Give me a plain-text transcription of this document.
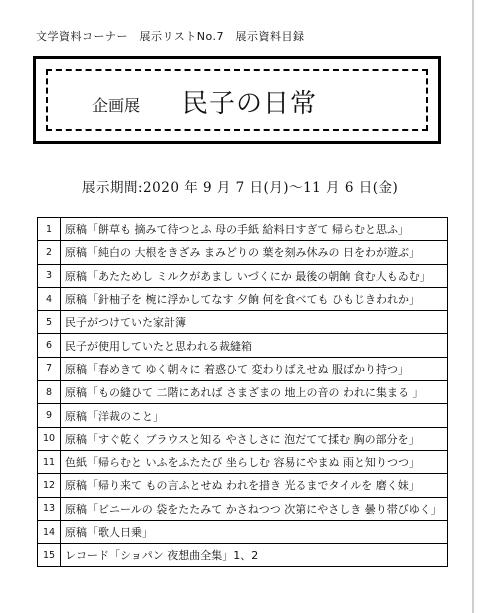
文学資料コーナー　展示リストNo.7　展示資料目録
企画展 民子の日常
展示期間:2020 年 9 月 7 日(月)～11 月 6 日(金)
1	原稿「餅草も 摘みて待つとふ 母の手紙 給料日すぎて 帰らむと思ふ」
2	原稿「純白の 大根をきざみ まみどりの 葉を刻み休みの 日をわが遊ぶ」
3	原稿「あたためし ミルクがあまし いづくにか 最後の朝餉 食む人もゐむ」
4	原稿「針柚子を 椀に浮かしてなす 夕餉 何を食べても ひもじきわれか」
5	民子がつけていた家計簿
6	民子が使用していたと思われる裁縫箱
7	原稿「春めきて ゆく朝々に 着惑ひて 変わりばえせぬ 服ばかり持つ」
8	原稿「もの縫ひて 二階にあれば さまざまの 地上の音の われに集まる 」
9	原稿「洋裁のこと」
10	原稿「すぐ乾く ブラウスと知る やさしさに 泡だてて揉む 胸の部分を」
11	色紙「帰らむと いふをふたたび 坐らしむ 容易にやまぬ 雨と知りつつ」
12	原稿「帰り来て もの言ふとせぬ われを措き 光るまでタイルを 磨く妹」
13	原稿「ビニールの 袋をたたみて かさねつつ 次第にやさしき 曇り帯びゆく」
14	原稿「歌人日乗」
15	レコード「ショパン 夜想曲全集」1、2
